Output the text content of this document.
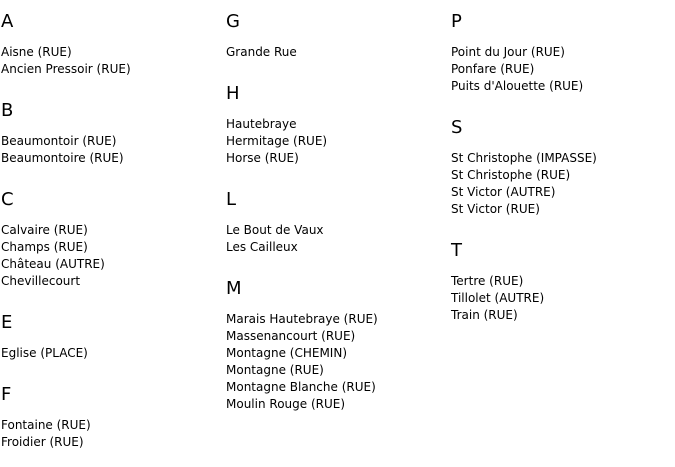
A
Aisne (RUE)
Ancien Pressoir (RUE)
B
Beaumontoir (RUE)
Beaumontoire (RUE)
C
Calvaire (RUE)
Champs (RUE)
Château (AUTRE)
Chevillecourt
E
Eglise (PLACE)
F
Fontaine (RUE)
Froidier (RUE)
G
Grande Rue
H
Hautebraye
Hermitage (RUE)
Horse (RUE)
L
Le Bout de Vaux
Les Cailleux
M
Marais Hautebraye (RUE)
Massenancourt (RUE)
Montagne (CHEMIN)
Montagne (RUE)
Montagne Blanche (RUE)
Moulin Rouge (RUE)
P
Point du Jour (RUE)
Ponfare (RUE)
Puits d'Alouette (RUE)
S
St Christophe (IMPASSE)
St Christophe (RUE)
St Victor (AUTRE)
St Victor (RUE)
T
Tertre (RUE)
Tillolet (AUTRE)
Train (RUE)
